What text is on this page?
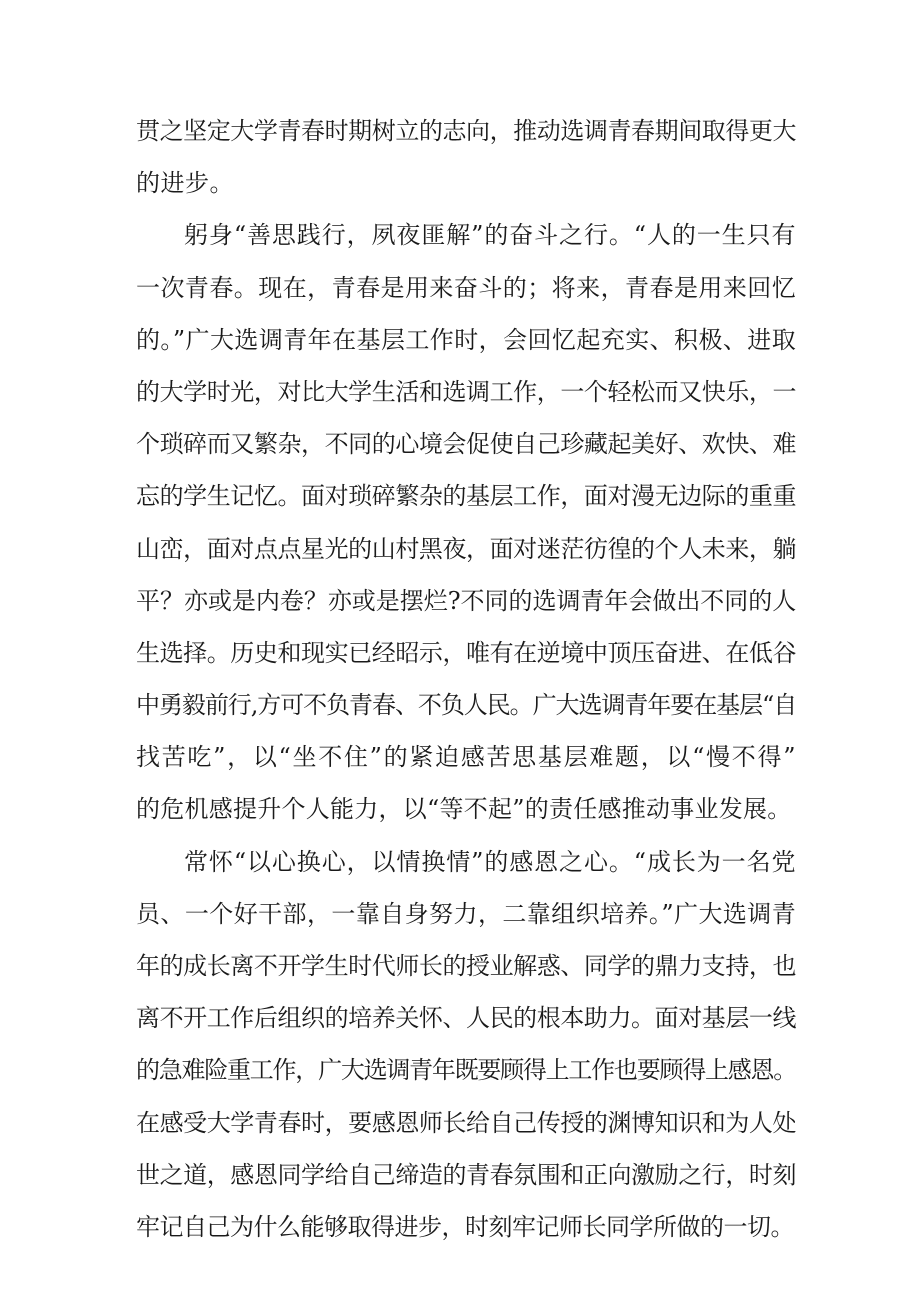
贯之坚定大学青春时期树立的志向，推动选调青春期间取得更大
的进步。
躬身“善思践行，夙夜匪解”的奋斗之行。“人的一生只有
一次青春。现在，青春是用来奋斗的；将来，青春是用来回忆
的。”广大选调青年在基层工作时，会回忆起充实、积极、进取
的大学时光，对比大学生活和选调工作，一个轻松而又快乐，一
个琐碎而又繁杂，不同的心境会促使自己珍藏起美好、欢快、难
忘的学生记忆。面对琐碎繁杂的基层工作，面对漫无边际的重重
山峦，面对点点星光的山村黑夜，面对迷茫彷徨的个人未来，躺
平？亦或是内卷？亦或是摆烂?不同的选调青年会做出不同的人
生选择。历史和现实已经昭示，唯有在逆境中顶压奋进、在低谷
中勇毅前行,方可不负青春、不负人民。广大选调青年要在基层“自
找苦吃”，以“坐不住”的紧迫感苦思基层难题，以“慢不得”
的危机感提升个人能力，以“等不起”的责任感推动事业发展。
常怀“以心换心，以情换情”的感恩之心。“成长为一名党
员、一个好干部，一靠自身努力，二靠组织培养。”广大选调青
年的成长离不开学生时代师长的授业解惑、同学的鼎力支持，也
离不开工作后组织的培养关怀、人民的根本助力。面对基层一线
的急难险重工作，广大选调青年既要顾得上工作也要顾得上感恩。
在感受大学青春时，要感恩师长给自己传授的渊博知识和为人处
世之道，感恩同学给自己缔造的青春氛围和正向激励之行，时刻
牢记自己为什么能够取得进步，时刻牢记师长同学所做的一切。
